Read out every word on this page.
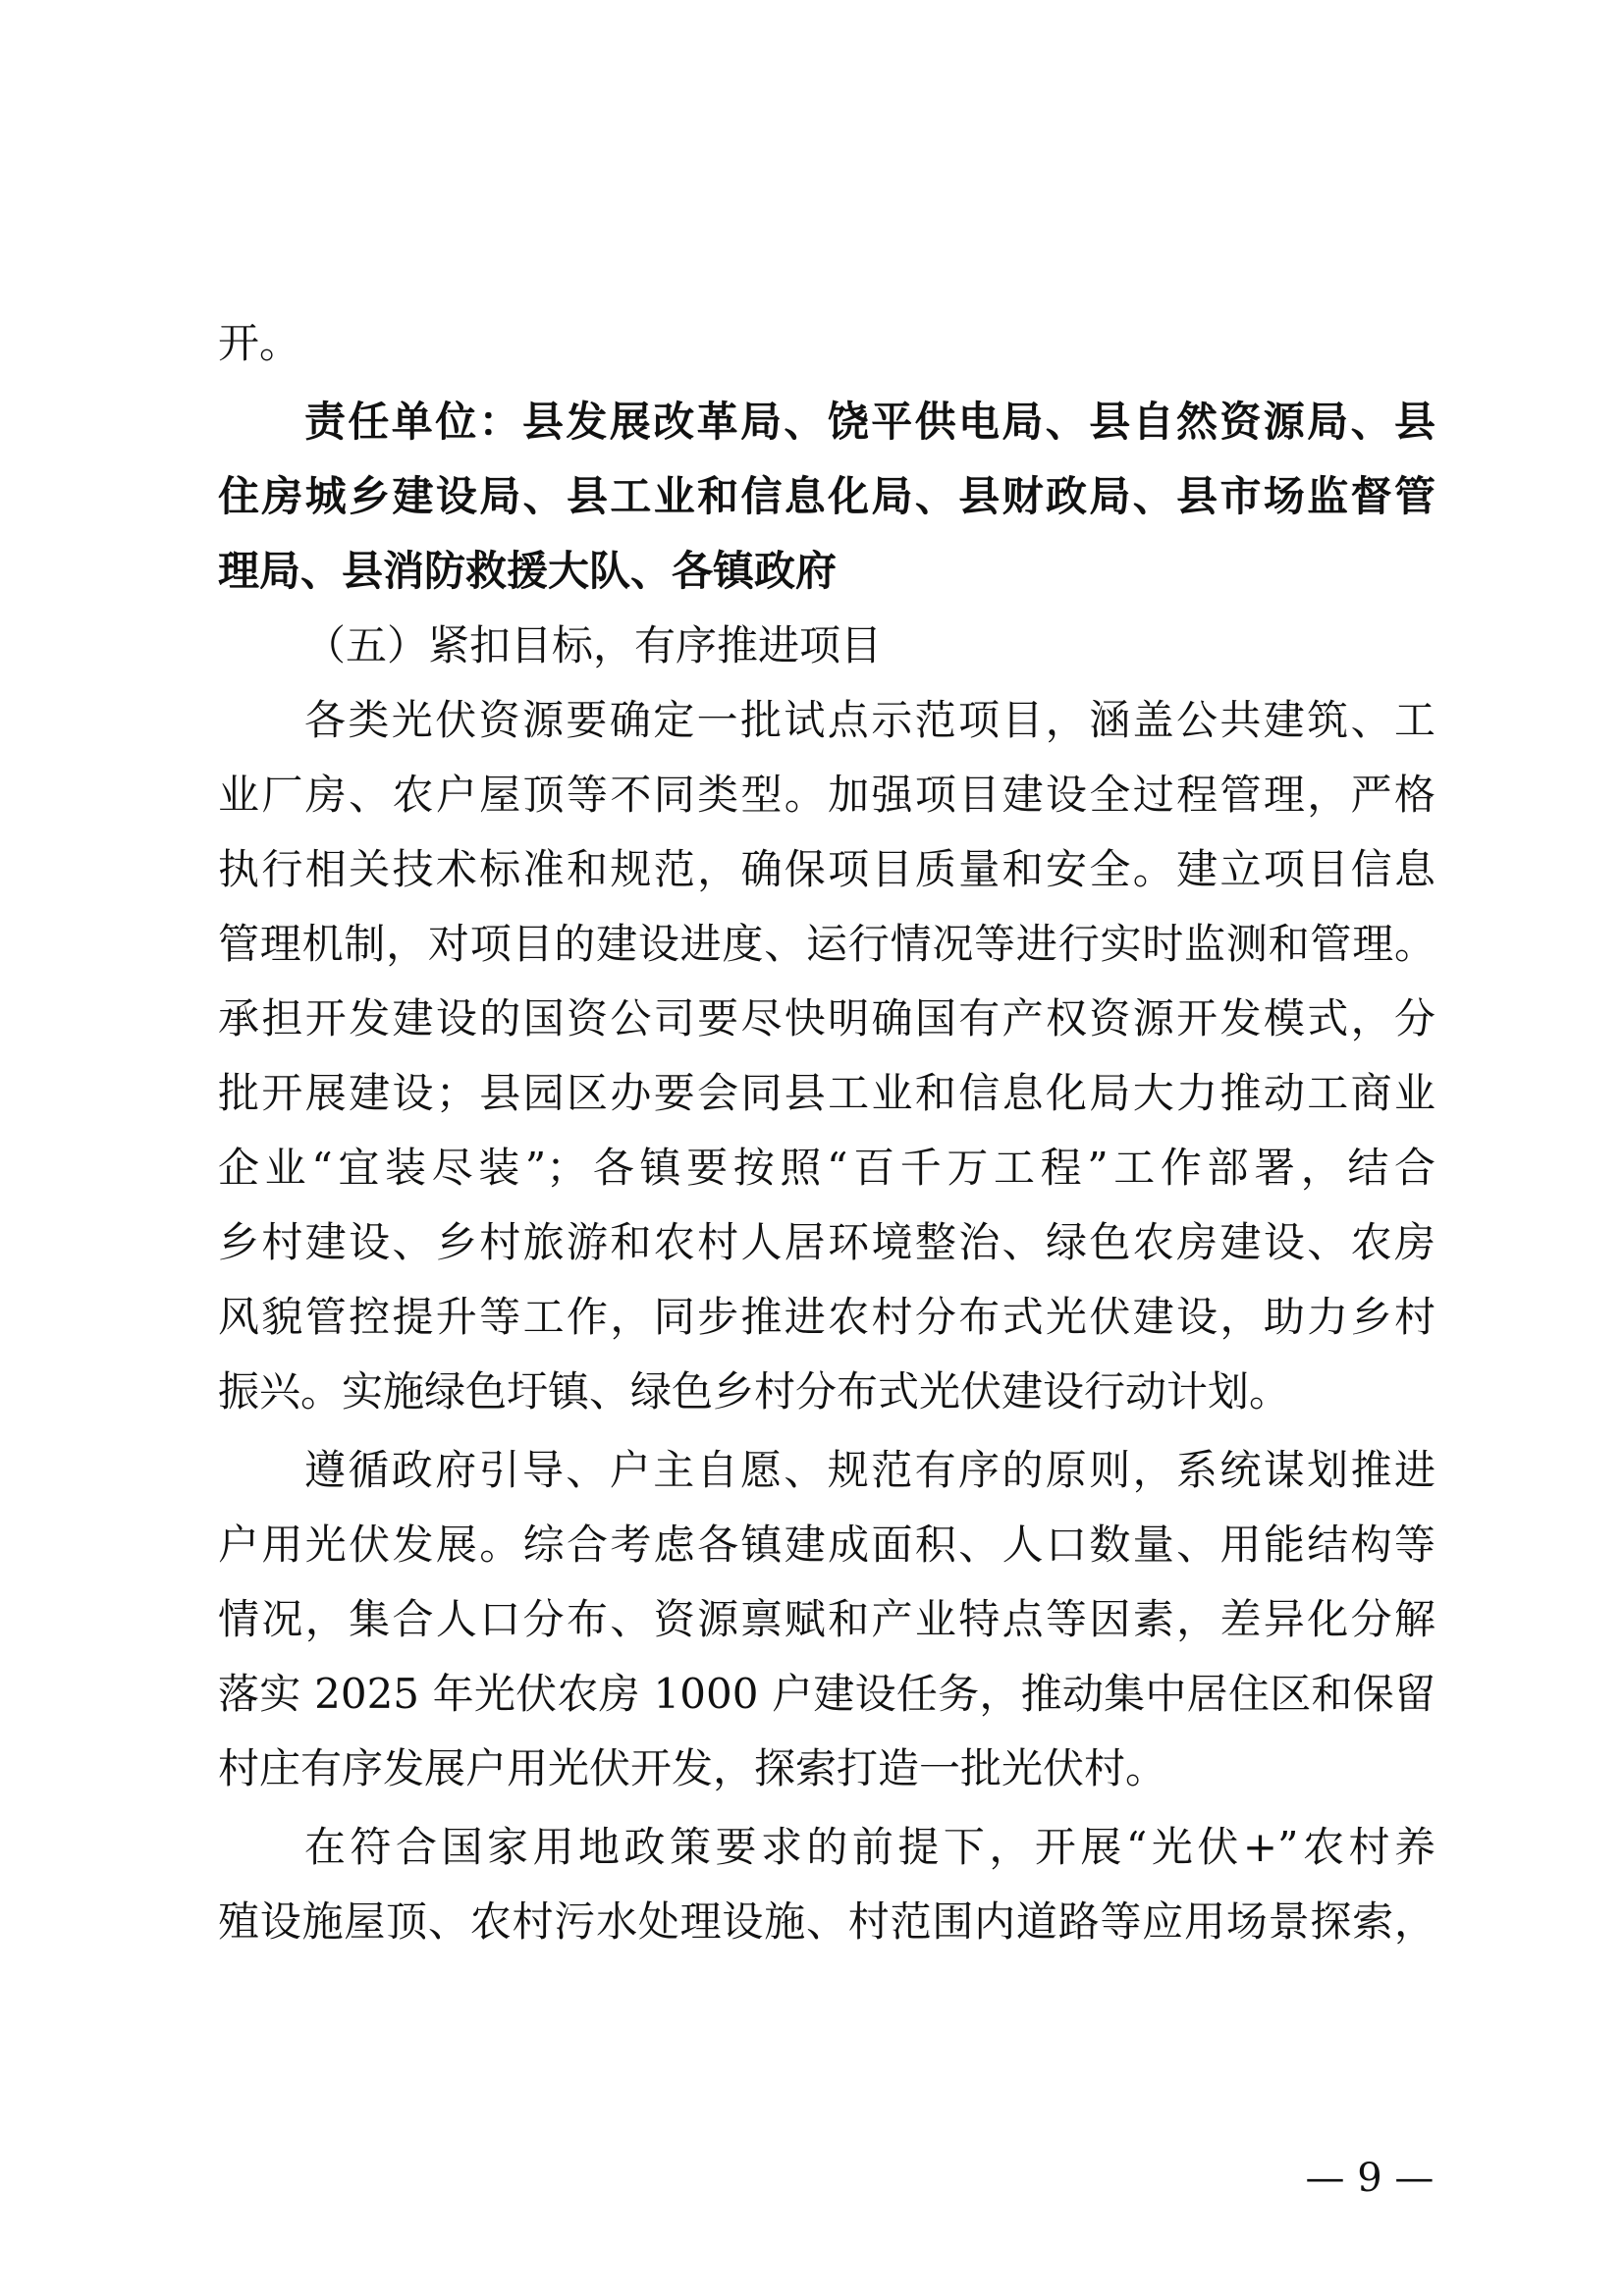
开。
责任单位：县发展改革局、饶平供电局、县自然资源局、县
住房城乡建设局、县工业和信息化局、县财政局、县市场监督管
理局、县消防救援大队、各镇政府
（五）紧扣目标，有序推进项目
各类光伏资源要确定一批试点示范项目，涵盖公共建筑、工
业厂房、农户屋顶等不同类型。加强项目建设全过程管理，严格
执行相关技术标准和规范，确保项目质量和安全。建立项目信息
管理机制，对项目的建设进度、运行情况等进行实时监测和管理。
承担开发建设的国资公司要尽快明确国有产权资源开发模式，分
批开展建设；县园区办要会同县工业和信息化局大力推动工商业
企业“宜装尽装”；各镇要按照“百千万工程”工作部署，结合
乡村建设、乡村旅游和农村人居环境整治、绿色农房建设、农房
风貌管控提升等工作，同步推进农村分布式光伏建设，助力乡村
振兴。实施绿色圩镇、绿色乡村分布式光伏建设行动计划。
遵循政府引导、户主自愿、规范有序的原则，系统谋划推进
户用光伏发展。综合考虑各镇建成面积、人口数量、用能结构等
情况，集合人口分布、资源禀赋和产业特点等因素，差异化分解
落实 2025 年光伏农房 1000 户建设任务，推动集中居住区和保留
村庄有序发展户用光伏开发，探索打造一批光伏村。
在符合国家用地政策要求的前提下，开展“光伏+”农村养
殖设施屋顶、农村污水处理设施、村范围内道路等应用场景探索，
— 9 —
